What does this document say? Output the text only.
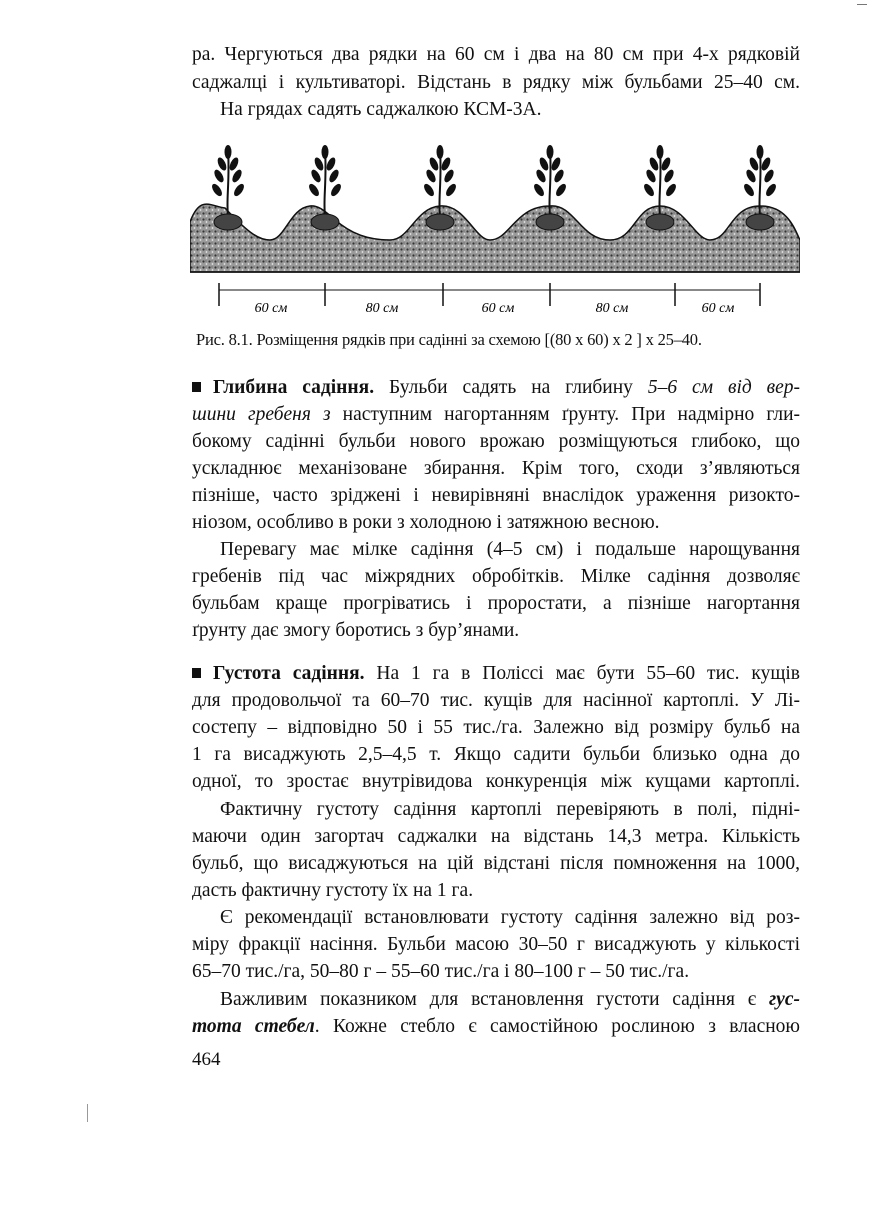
ра. Чергуються два рядки на 60 см і два на 80 см при 4-х рядковій
саджалці і культиваторі. Відстань в рядку між бульбами 25–40 см.
На грядах садять саджалкою КСМ-3А.
60 см	80 см	60 см	80 см	60 см
Рис. 8.1. Розміщення рядків при садінні за схемою [(80 х 60) х 2 ] х 25–40.
Глибина садіння. Бульби садять на глибину 5–6 см від вер-
шини гребеня з наступним нагортанням ґрунту. При надмірно гли-
бокому садінні бульби нового врожаю розміщуються глибоко, що
ускладнює механізоване збирання. Крім того, сходи з’являються
пізніше, часто зріджені і невирівняні внаслідок ураження ризокто-
ніозом, особливо в роки з холодною і затяжною весною.
Перевагу має мілке садіння (4–5 см) і подальше нарощування
гребенів під час міжрядних обробітків. Мілке садіння дозволяє
бульбам краще прогріватись і проростати, а пізніше нагортання
ґрунту дає змогу боротись з бур’янами.
Густота садіння. На 1 га в Поліссі має бути 55–60 тис. кущів
для продовольчої та 60–70 тис. кущів для насінної картоплі. У Лі-
состепу – відповідно 50 і 55 тис./га. Залежно від розміру бульб на
1 га висаджують 2,5–4,5 т. Якщо садити бульби близько одна до
одної, то зростає внутрівидова конкуренція між кущами картоплі.
Фактичну густоту садіння картоплі перевіряють в полі, підні-
маючи один загортач саджалки на відстань 14,3 метра. Кількість
бульб, що висаджуються на цій відстані після помноження на 1000,
дасть фактичну густоту їх на 1 га.
Є рекомендації встановлювати густоту садіння залежно від роз-
міру фракції насіння. Бульби масою 30–50 г висаджують у кількості
65–70 тис./га, 50–80 г – 55–60 тис./га і 80–100 г – 50 тис./га.
Важливим показником для встановлення густоти садіння є гус-
тота стебел. Кожне стебло є самостійною рослиною з власною
464
